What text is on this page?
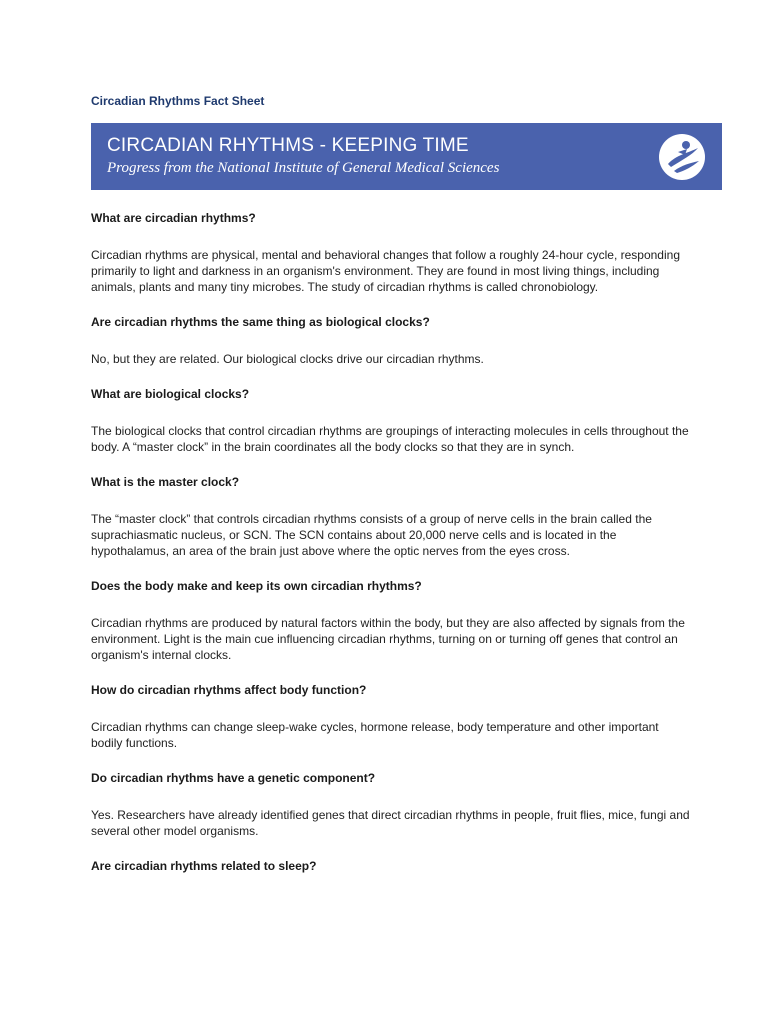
Circadian Rhythms Fact Sheet
CIRCADIAN RHYTHMS - KEEPING TIME
Progress from the National Institute of General Medical Sciences

What are circadian rhythms?

Circadian rhythms are physical, mental and behavioral changes that follow a roughly 24-hour cycle, responding primarily to light and darkness in an organism's environment. They are found in most living things, including animals, plants and many tiny microbes. The study of circadian rhythms is called chronobiology.

Are circadian rhythms the same thing as biological clocks?

No, but they are related. Our biological clocks drive our circadian rhythms.

What are biological clocks?

The biological clocks that control circadian rhythms are groupings of interacting molecules in cells throughout the body. A “master clock” in the brain coordinates all the body clocks so that they are in synch.

What is the master clock?

The “master clock” that controls circadian rhythms consists of a group of nerve cells in the brain called the suprachiasmatic nucleus, or SCN. The SCN contains about 20,000 nerve cells and is located in the hypothalamus, an area of the brain just above where the optic nerves from the eyes cross.

Does the body make and keep its own circadian rhythms?

Circadian rhythms are produced by natural factors within the body, but they are also affected by signals from the environment. Light is the main cue influencing circadian rhythms, turning on or turning off genes that control an organism's internal clocks.

How do circadian rhythms affect body function?

Circadian rhythms can change sleep-wake cycles, hormone release, body temperature and other important bodily functions.

Do circadian rhythms have a genetic component?

Yes. Researchers have already identified genes that direct circadian rhythms in people, fruit flies, mice, fungi and several other model organisms.

Are circadian rhythms related to sleep?
